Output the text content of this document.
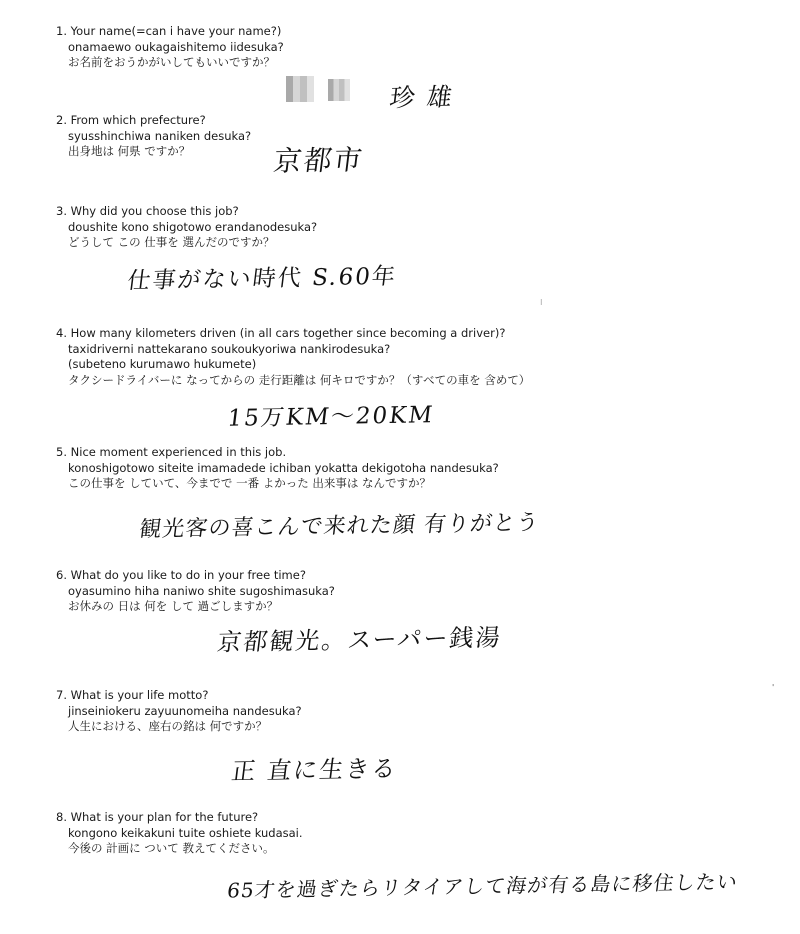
1. Your name(=can i have your name?)
onamaewo oukagaishitemo iidesuka?
お名前をおうかがいしてもいいですか？
珍 雄
2. From which prefecture?
syusshinchiwa naniken desuka?
出身地は 何県 ですか？	京都市
3. Why did you choose this job?
doushite kono shigotowo erandanodesuka?
どうして この 仕事を 選んだのですか？
仕事がない時代 S.60年
4. How many kilometers driven (in all cars together since becoming a driver)?
taxidriverni nattekarano soukoukyoriwa nankirodesuka?
(subeteno kurumawo hukumete)
タクシードライバーに なってからの 走行距離は 何キロですか？（すべての車を 含めて）
15万KM〜20KM
5. Nice moment experienced in this job.
konoshigotowo siteite imamadede ichiban yokatta dekigotoha nandesuka?
この仕事を していて、今までで 一番 よかった 出来事は なんですか？
観光客の喜こんで来れた顔 有りがとう
6. What do you like to do in your free time?
oyasumino hiha naniwo shite sugoshimasuka?
お休みの 日は 何を して 過ごしますか？
京都観光。スーパー銭湯
7. What is your life motto?
jinseiniokeru zayuunomeiha nandesuka?
人生における、座右の銘は 何ですか？
正 直に生きる
8. What is your plan for the future?
kongono keikakuni tuite oshiete kudasai.
今後の 計画に ついて 教えてください。
65才を過ぎたらリタイアして海が有る島に移住したい
⁝
'
